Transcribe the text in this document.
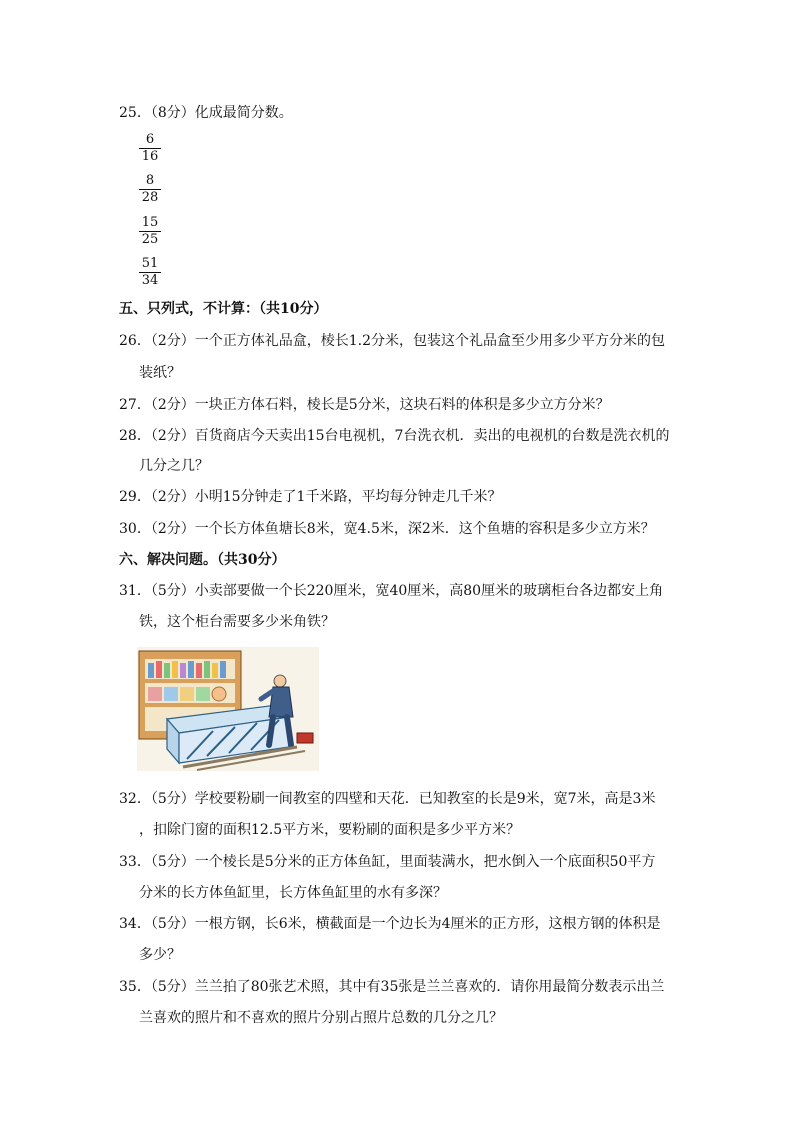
25．（8分）化成最简分数。
6
16
8
28
15
25
51
34
五、只列式，不计算：（共10分）
26．（2分）一个正方体礼品盒，棱长1.2分米，包装这个礼品盒至少用多少平方分米的包
装纸？
27．（2分）一块正方体石料，棱长是5分米，这块石料的体积是多少立方分米？
28．（2分）百货商店今天卖出15台电视机，7台洗衣机．卖出的电视机的台数是洗衣机的
几分之几？
29．（2分）小明15分钟走了1千米路，平均每分钟走几千米？
30．（2分）一个长方体鱼塘长8米，宽4.5米，深2米．这个鱼塘的容积是多少立方米？
六、解决问题。（共30分）
31．（5分）小卖部要做一个长220厘米，宽40厘米，高80厘米的玻璃柜台各边都安上角
铁，这个柜台需要多少米角铁？
32．（5分）学校要粉刷一间教室的四壁和天花．已知教室的长是9米，宽7米，高是3米
，扣除门窗的面积12.5平方米，要粉刷的面积是多少平方米？
33．（5分）一个棱长是5分米的正方体鱼缸，里面装满水，把水倒入一个底面积50平方
分米的长方体鱼缸里，长方体鱼缸里的水有多深？
34．（5分）一根方钢，长6米，横截面是一个边长为4厘米的正方形，这根方钢的体积是
多少？
35．（5分）兰兰拍了80张艺术照，其中有35张是兰兰喜欢的．请你用最简分数表示出兰
兰喜欢的照片和不喜欢的照片分别占照片总数的几分之几？
